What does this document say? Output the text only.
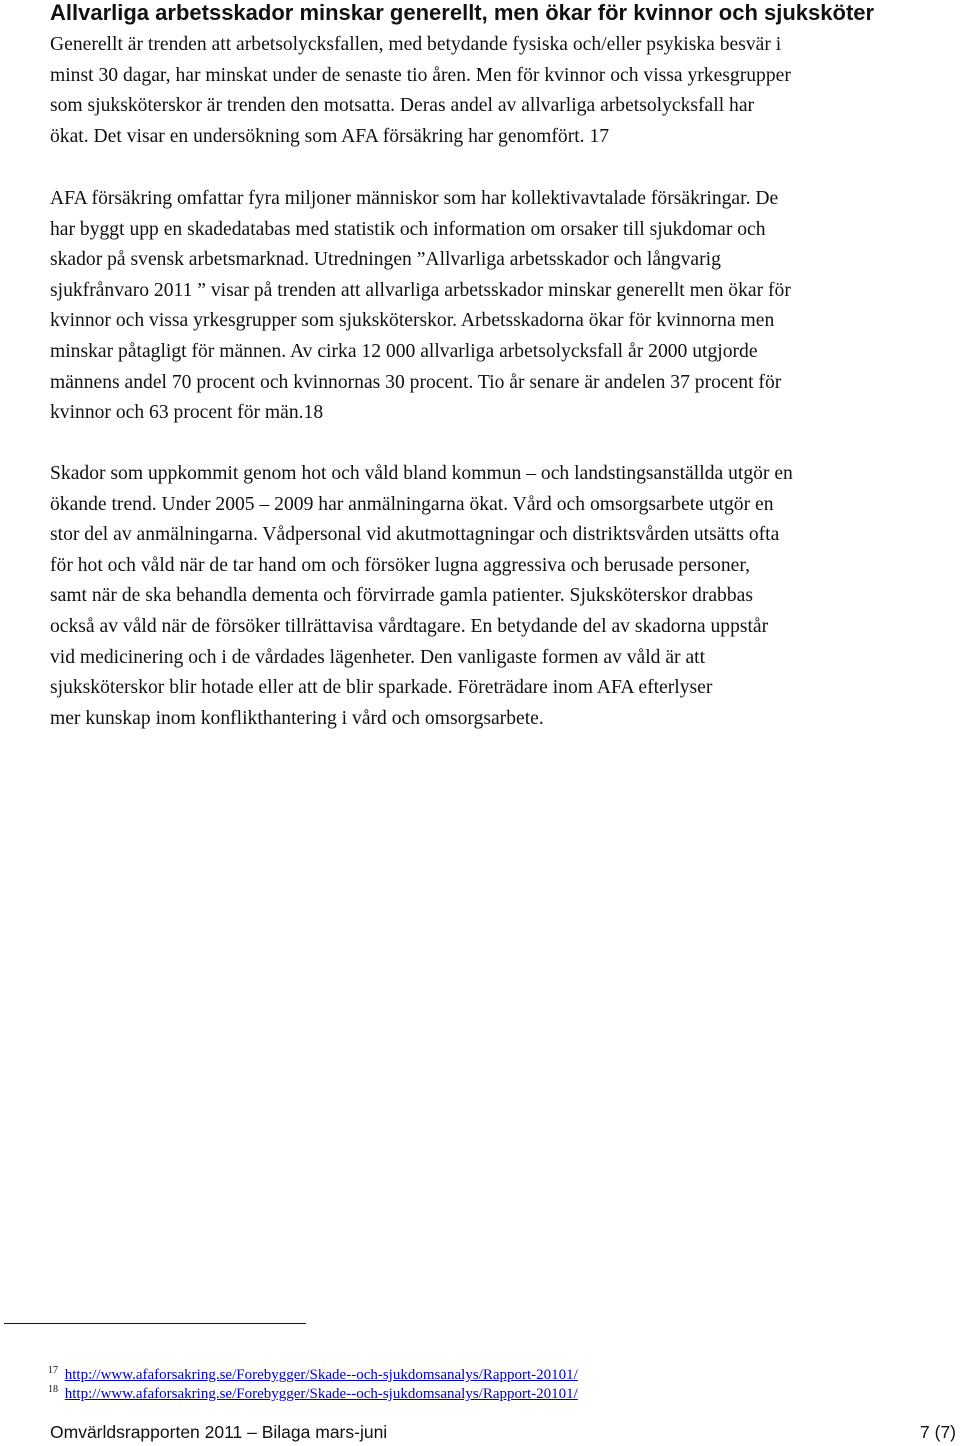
Allvarliga arbetsskador minskar generellt, men ökar för kvinnor och sjuksköter
Generellt är trenden att arbetsolycksfallen, med betydande fysiska och/eller psykiska besvär i
minst 30 dagar, har minskat under de senaste tio åren. Men för kvinnor och vissa yrkesgrupper
som sjuksköterskor är trenden den motsatta. Deras andel av allvarliga arbetsolycksfall har
ökat. Det visar en undersökning som AFA försäkring har genomfört. 17
AFA försäkring omfattar fyra miljoner människor som har kollektivavtalade försäkringar. De
har byggt upp en skadedatabas med statistik och information om orsaker till sjukdomar och
skador på svensk arbetsmarknad. Utredningen ”Allvarliga arbetsskador och långvarig
sjukfrånvaro 2011 ” visar på trenden att allvarliga arbetsskador minskar generellt men ökar för
kvinnor och vissa yrkesgrupper som sjuksköterskor. Arbetsskadorna ökar för kvinnorna men
minskar påtagligt för männen. Av cirka 12 000 allvarliga arbetsolycksfall år 2000 utgjorde
männens andel 70 procent och kvinnornas 30 procent. Tio år senare är andelen 37 procent för
kvinnor och 63 procent för män.18
Skador som uppkommit genom hot och våld bland kommun – och landstingsanställda utgör en
ökande trend. Under 2005 – 2009 har anmälningarna ökat. Vård och omsorgsarbete utgör en
stor del av anmälningarna. Vådpersonal vid akutmottagningar och distriktsvården utsätts ofta
för hot och våld när de tar hand om och försöker lugna aggressiva och berusade personer,
samt när de ska behandla dementa och förvirrade gamla patienter. Sjuksköterskor drabbas
också av våld när de försöker tillrättavisa vårdtagare. En betydande del av skadorna uppstår
vid medicinering och i de vårdades lägenheter. Den vanligaste formen av våld är att
sjuksköterskor blir hotade eller att de blir sparkade. Företrädare inom AFA efterlyser
mer kunskap inom konflikthantering i vård och omsorgsarbete.
$^{17}$ http://www.afaforsakring.se/Forebygger/Skade--och-sjukdomsanalys/Rapport-20101/
$^{18}$ http://www.afaforsakring.se/Forebygger/Skade--och-sjukdomsanalys/Rapport-20101/
Omvärldsrapporten 2011 – Bilaga mars-juni	7 (7)
